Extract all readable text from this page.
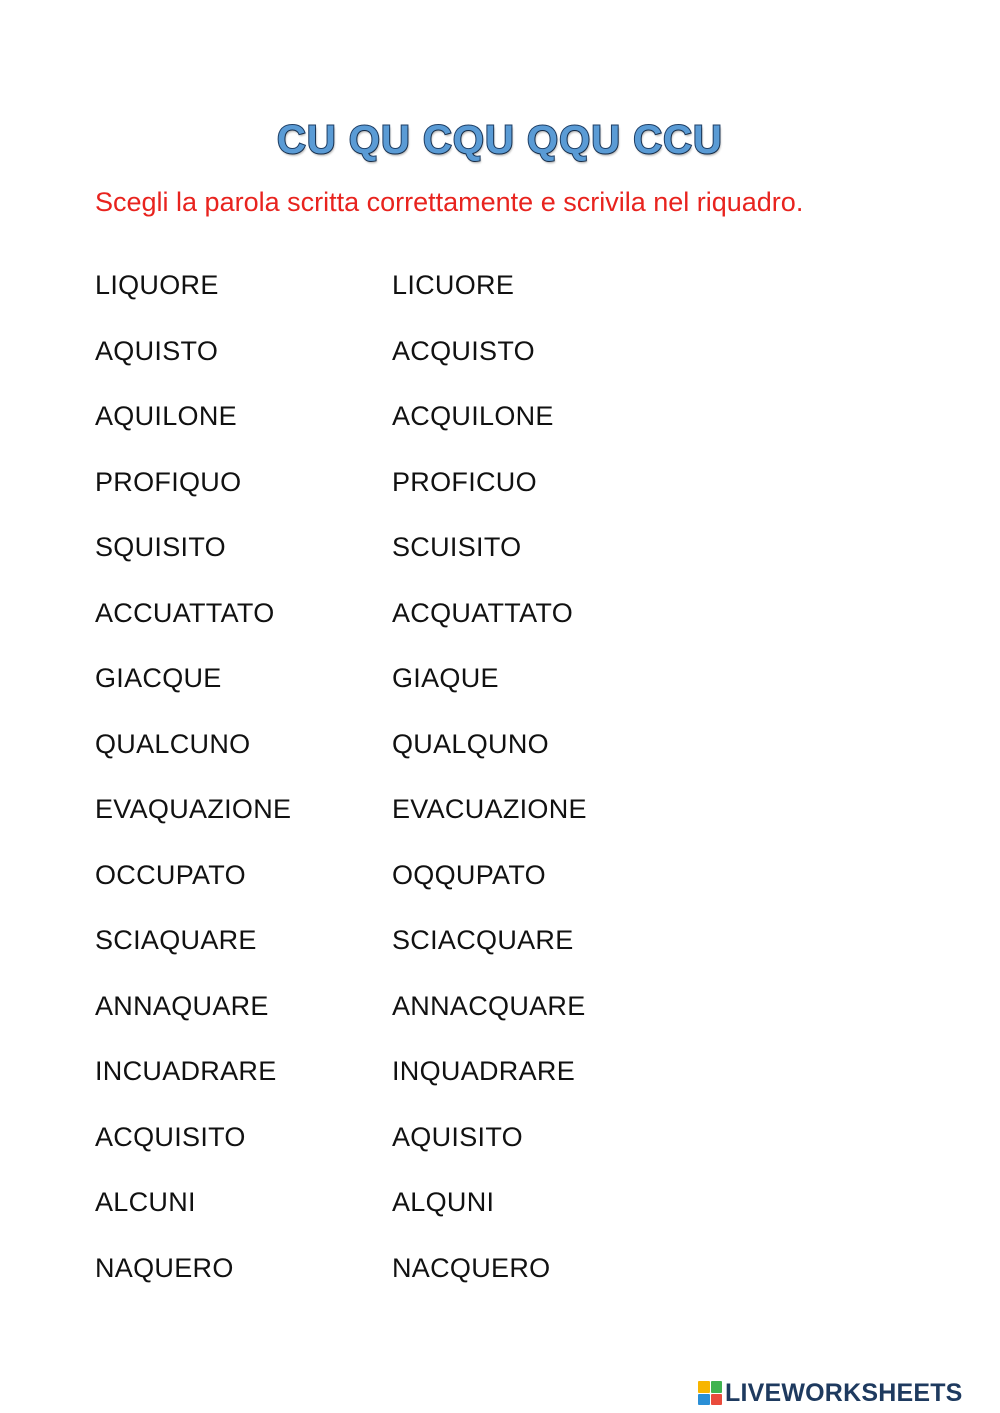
CU QU CQU QQU CCU
Scegli la parola scritta correttamente e scrivila nel riquadro.
LIQUORE	LICUORE
AQUISTO	ACQUISTO
AQUILONE	ACQUILONE
PROFIQUO	PROFICUO
SQUISITO	SCUISITO
ACCUATTATO	ACQUATTATO
GIACQUE	GIAQUE
QUALCUNO	QUALQUNO
EVAQUAZIONE	EVACUAZIONE
OCCUPATO	OQQUPATO
SCIAQUARE	SCIACQUARE
ANNAQUARE	ANNACQUARE
INCUADRARE	INQUADRARE
ACQUISITO	AQUISITO
ALCUNI	ALQUNI
NAQUERO	NACQUERO
LIVEWORKSHEETS
